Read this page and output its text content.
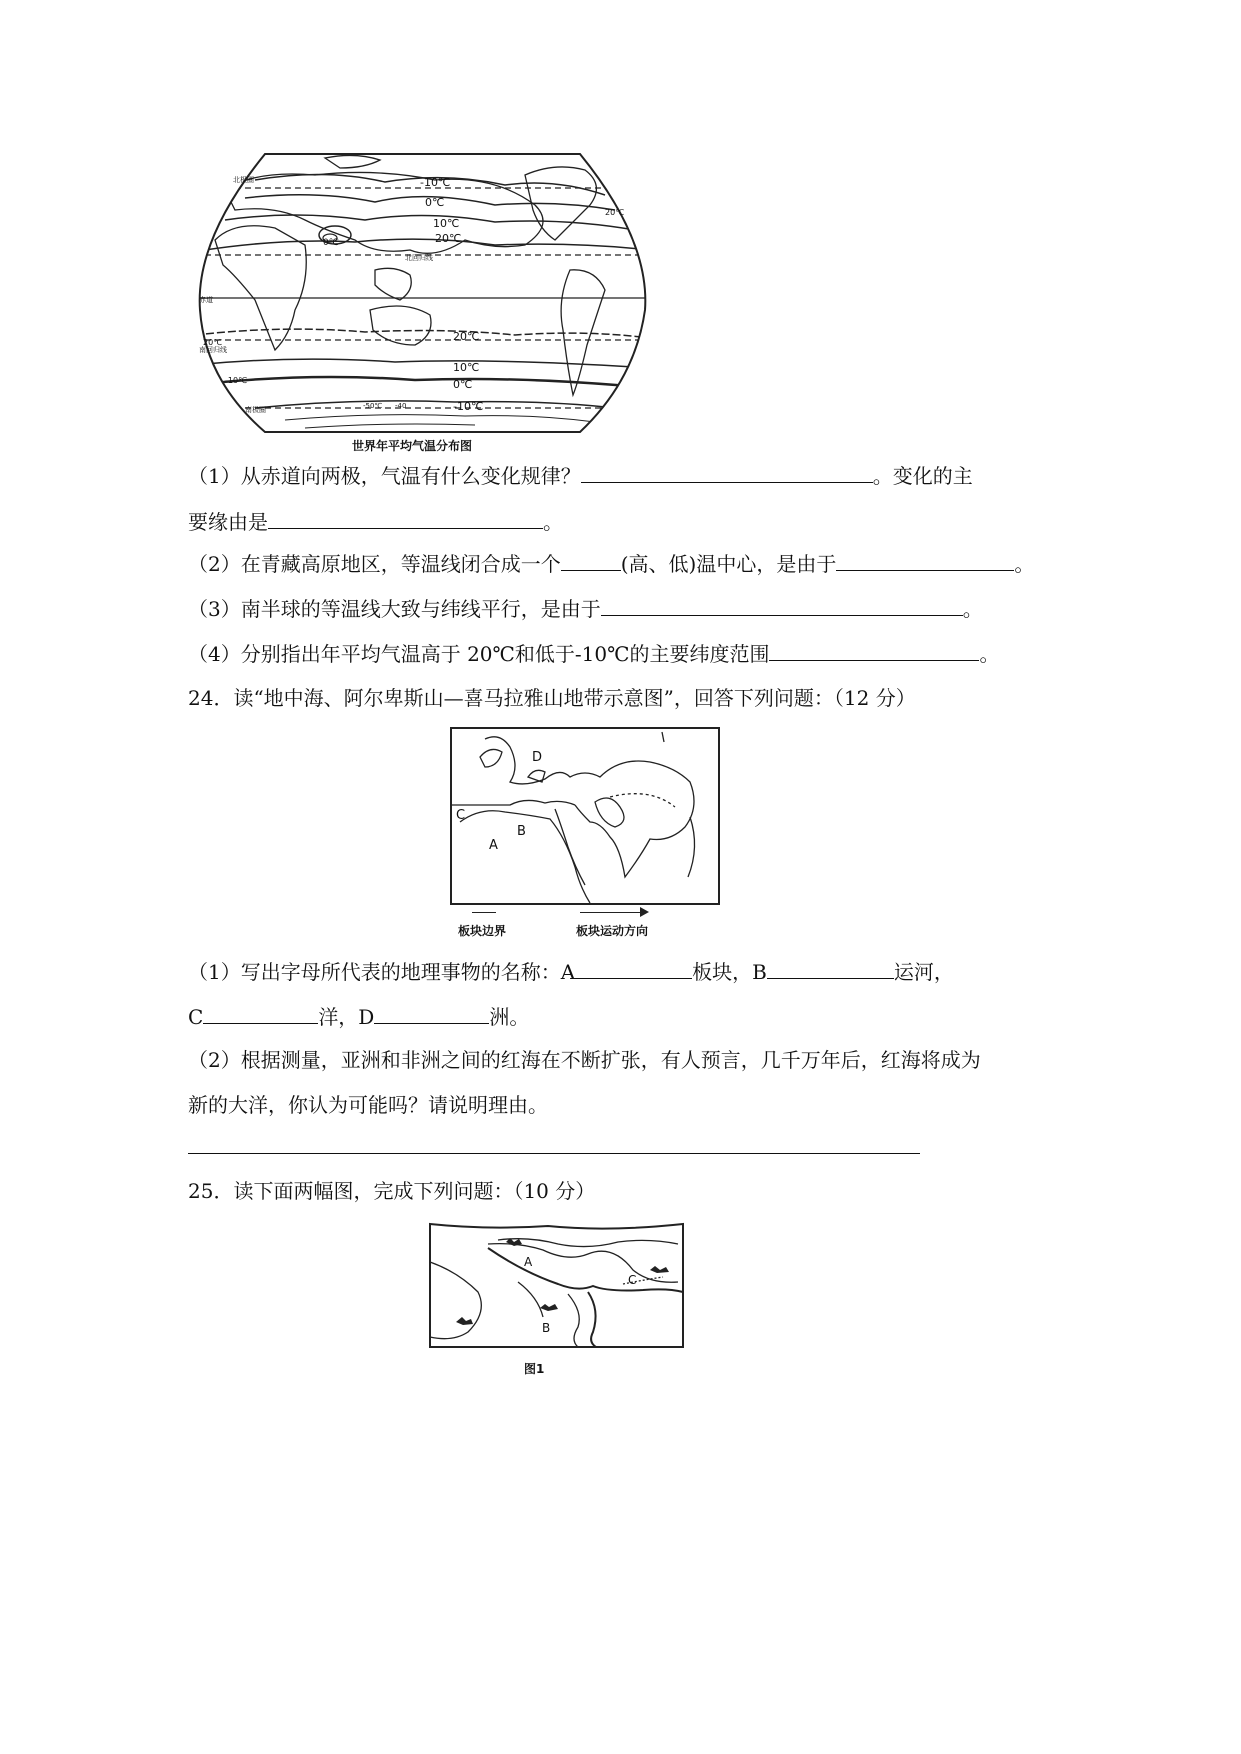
-10℃
0℃
10℃
20℃
0℃
20℃
10℃
0℃
-10℃
20℃
-10℃
20℃
-40
-50℃
北极圈
北回归线
赤道
南回归线
南极圈
世界年平均气温分布图
（1）从赤道向两极，气温有什么变化规律？	。变化的主
要缘由是	。
（2）在青藏高原地区，等温线闭合成一个	(高、低)温中心，是由于	。
（3）南半球的等温线大致与纬线平行，是由于	。
（4）分别指出年平均气温高于 20℃和低于-10℃的主要纬度范围	。
24．读“地中海、阿尔卑斯山—喜马拉雅山地带示意图”，回答下列问题：（12 分）
D
C
A
B
板块边界	板块运动方向
（1）写出字母所代表的地理事物的名称：A	板块，B	运河，
C	洋，D	洲。
（2）根据测量，亚洲和非洲之间的红海在不断扩张，有人预言，几千万年后，红海将成为
新的大洋，你认为可能吗？请说明理由。
25．读下面两幅图，完成下列问题：（10 分）
A
B
C
图1
